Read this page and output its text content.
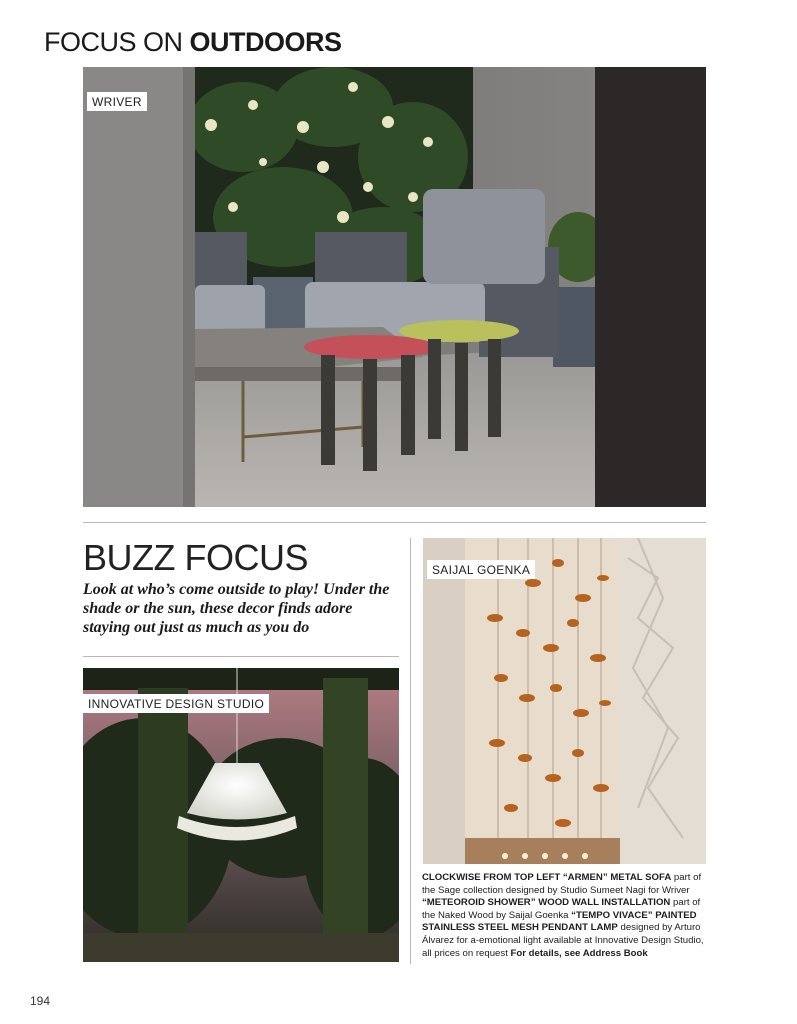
FOCUS ON OUTDOORS
WRIVER
BUZZ FOCUS
Look at who’s come outside to play! Under the shade or the sun, these decor finds adore staying out just as much as you do
SAIJAL GOENKA
INNOVATIVE DESIGN STUDIO
CLOCKWISE FROM TOP LEFT “ARMEN” METAL SOFA part of the Sage collection designed by Studio Sumeet Nagi for Wriver “METEOROID SHOWER” WOOD WALL INSTALLATION part of the Naked Wood by Saijal Goenka “TEMPO VIVACE” PAINTED STAINLESS STEEL MESH PENDANT LAMP designed by Arturo Álvarez for a-emotional light available at Innovative Design Studio, all prices on request For details, see Address Book
194
